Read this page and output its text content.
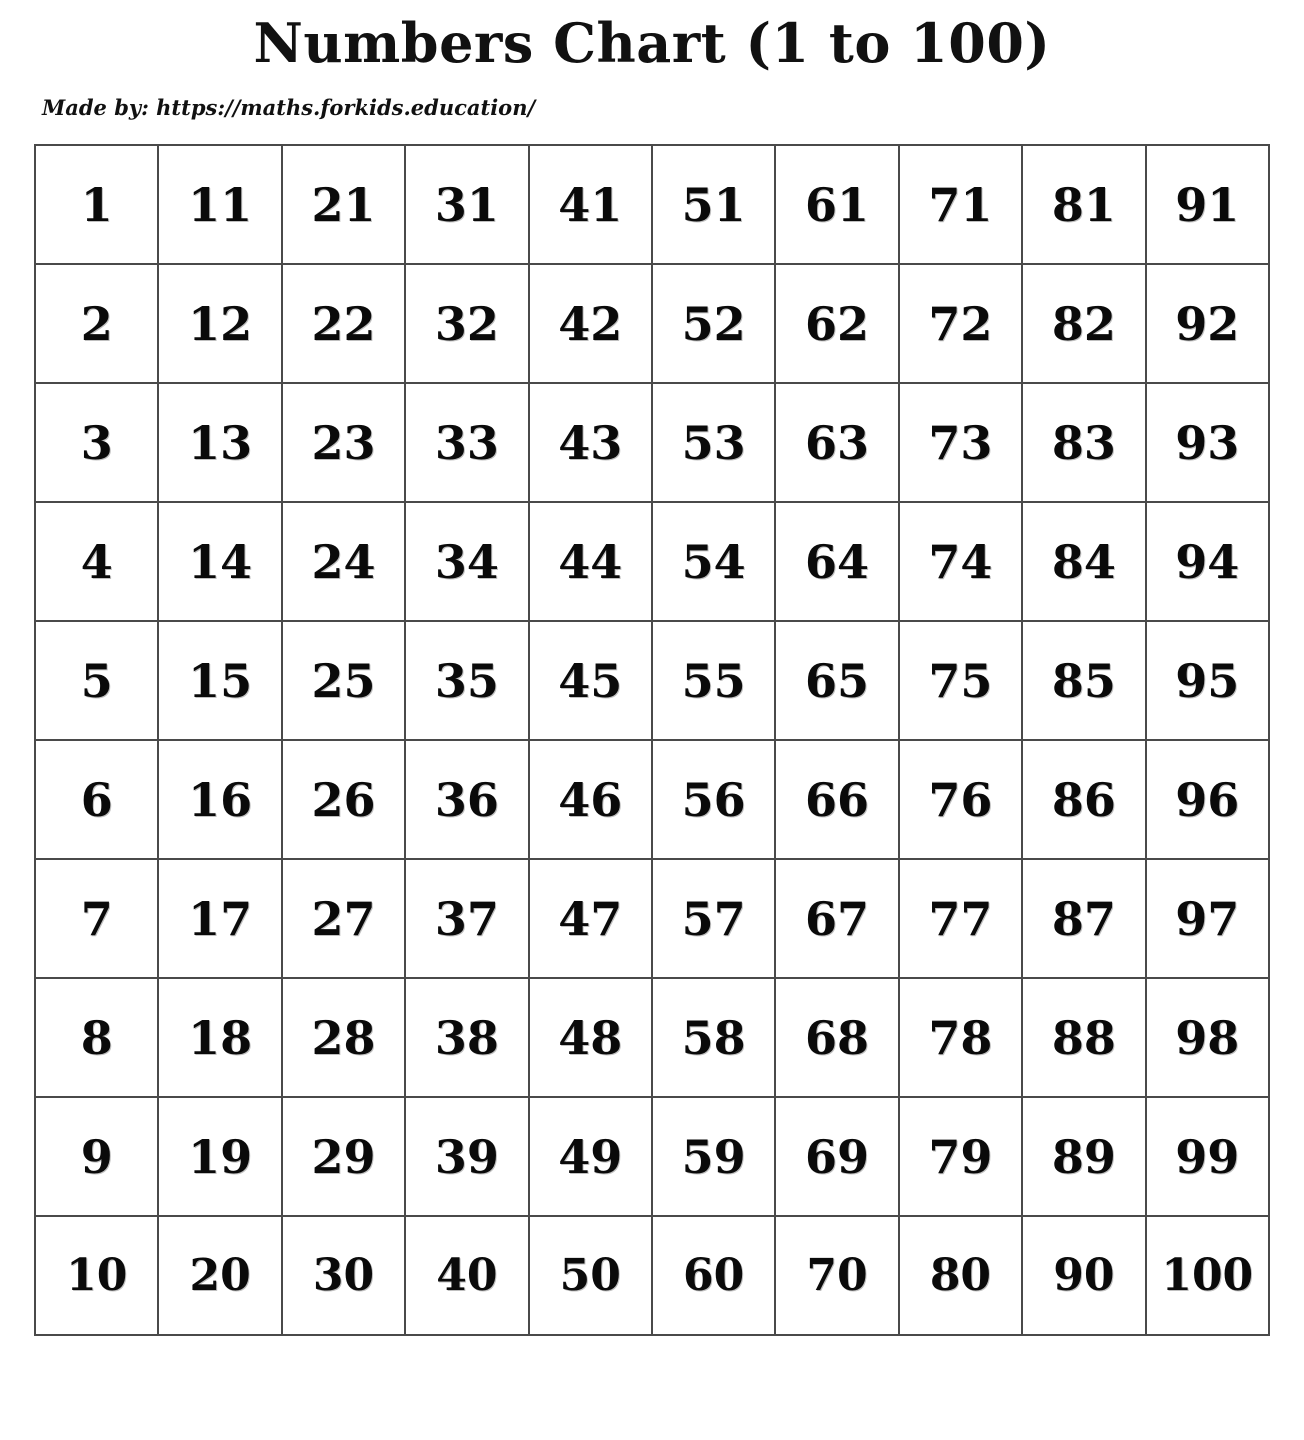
Numbers Chart (1 to 100)
Made by: https://maths.forkids.education/
1	11	21	31	41	51	61	71	81	91
2	12	22	32	42	52	62	72	82	92
3	13	23	33	43	53	63	73	83	93
4	14	24	34	44	54	64	74	84	94
5	15	25	35	45	55	65	75	85	95
6	16	26	36	46	56	66	76	86	96
7	17	27	37	47	57	67	77	87	97
8	18	28	38	48	58	68	78	88	98
9	19	29	39	49	59	69	79	89	99
10	20	30	40	50	60	70	80	90	100
